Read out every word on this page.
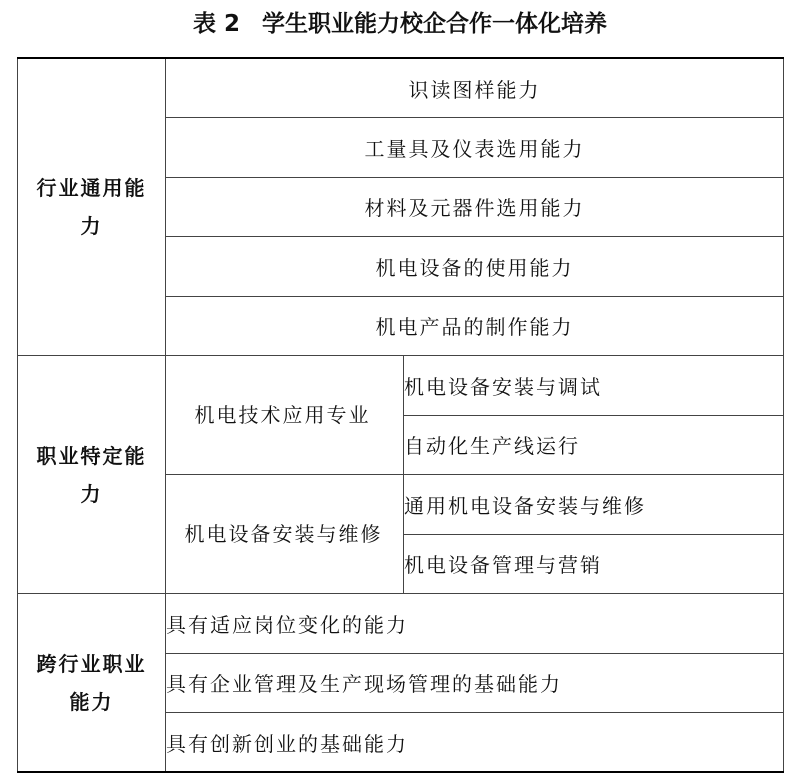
表 2 学生职业能力校企合作一体化培养
行业通用能力	识读图样能力	
	工量具及仪表选用能力	
	材料及元器件选用能力	
	机电设备的使用能力	
	机电产品的制作能力	
职业特定能力	机电技术应用专业	机电设备安装与调试
		自动化生产线运行
	机电设备安装与维修	通用机电设备安装与维修
		机电设备管理与营销
跨行业职业能力	具有适应岗位变化的能力	
	具有企业管理及生产现场管理的基础能力	
	具有创新创业的基础能力	
